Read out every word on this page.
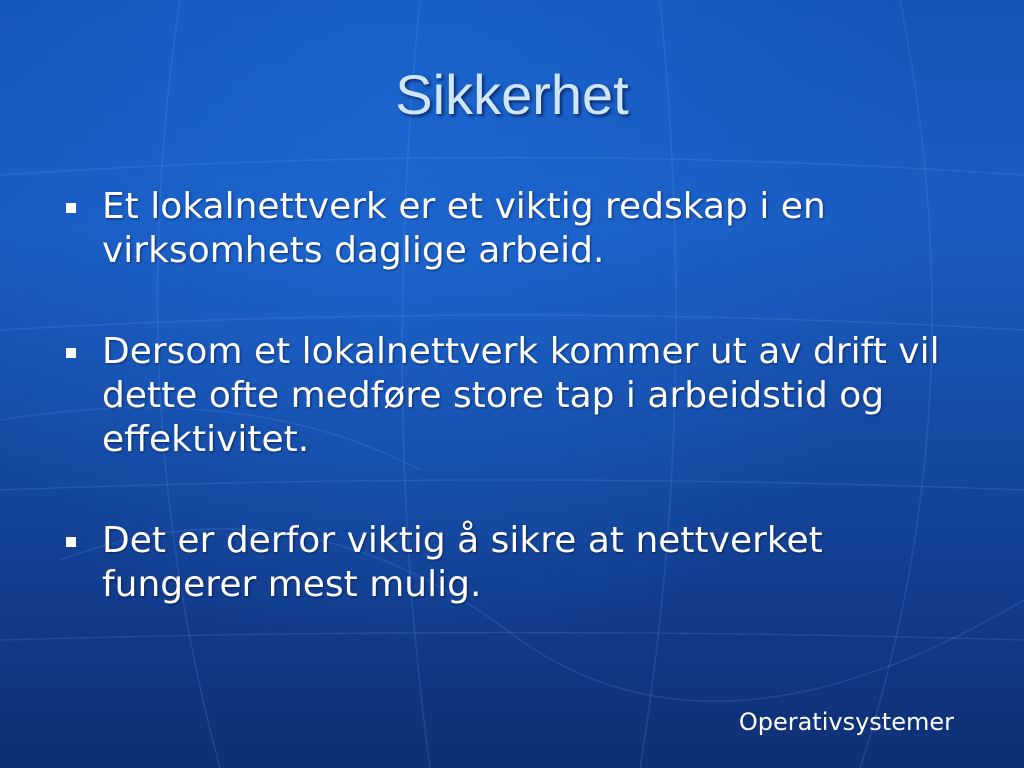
Sikkerhet
Et lokalnettverk er et viktig redskap i en virksomhets daglige arbeid.
Dersom et lokalnettverk kommer ut av drift vil dette ofte medføre store tap i arbeidstid og effektivitet.
Det er derfor viktig å sikre at nettverket fungerer mest mulig.
Operativsystemer
